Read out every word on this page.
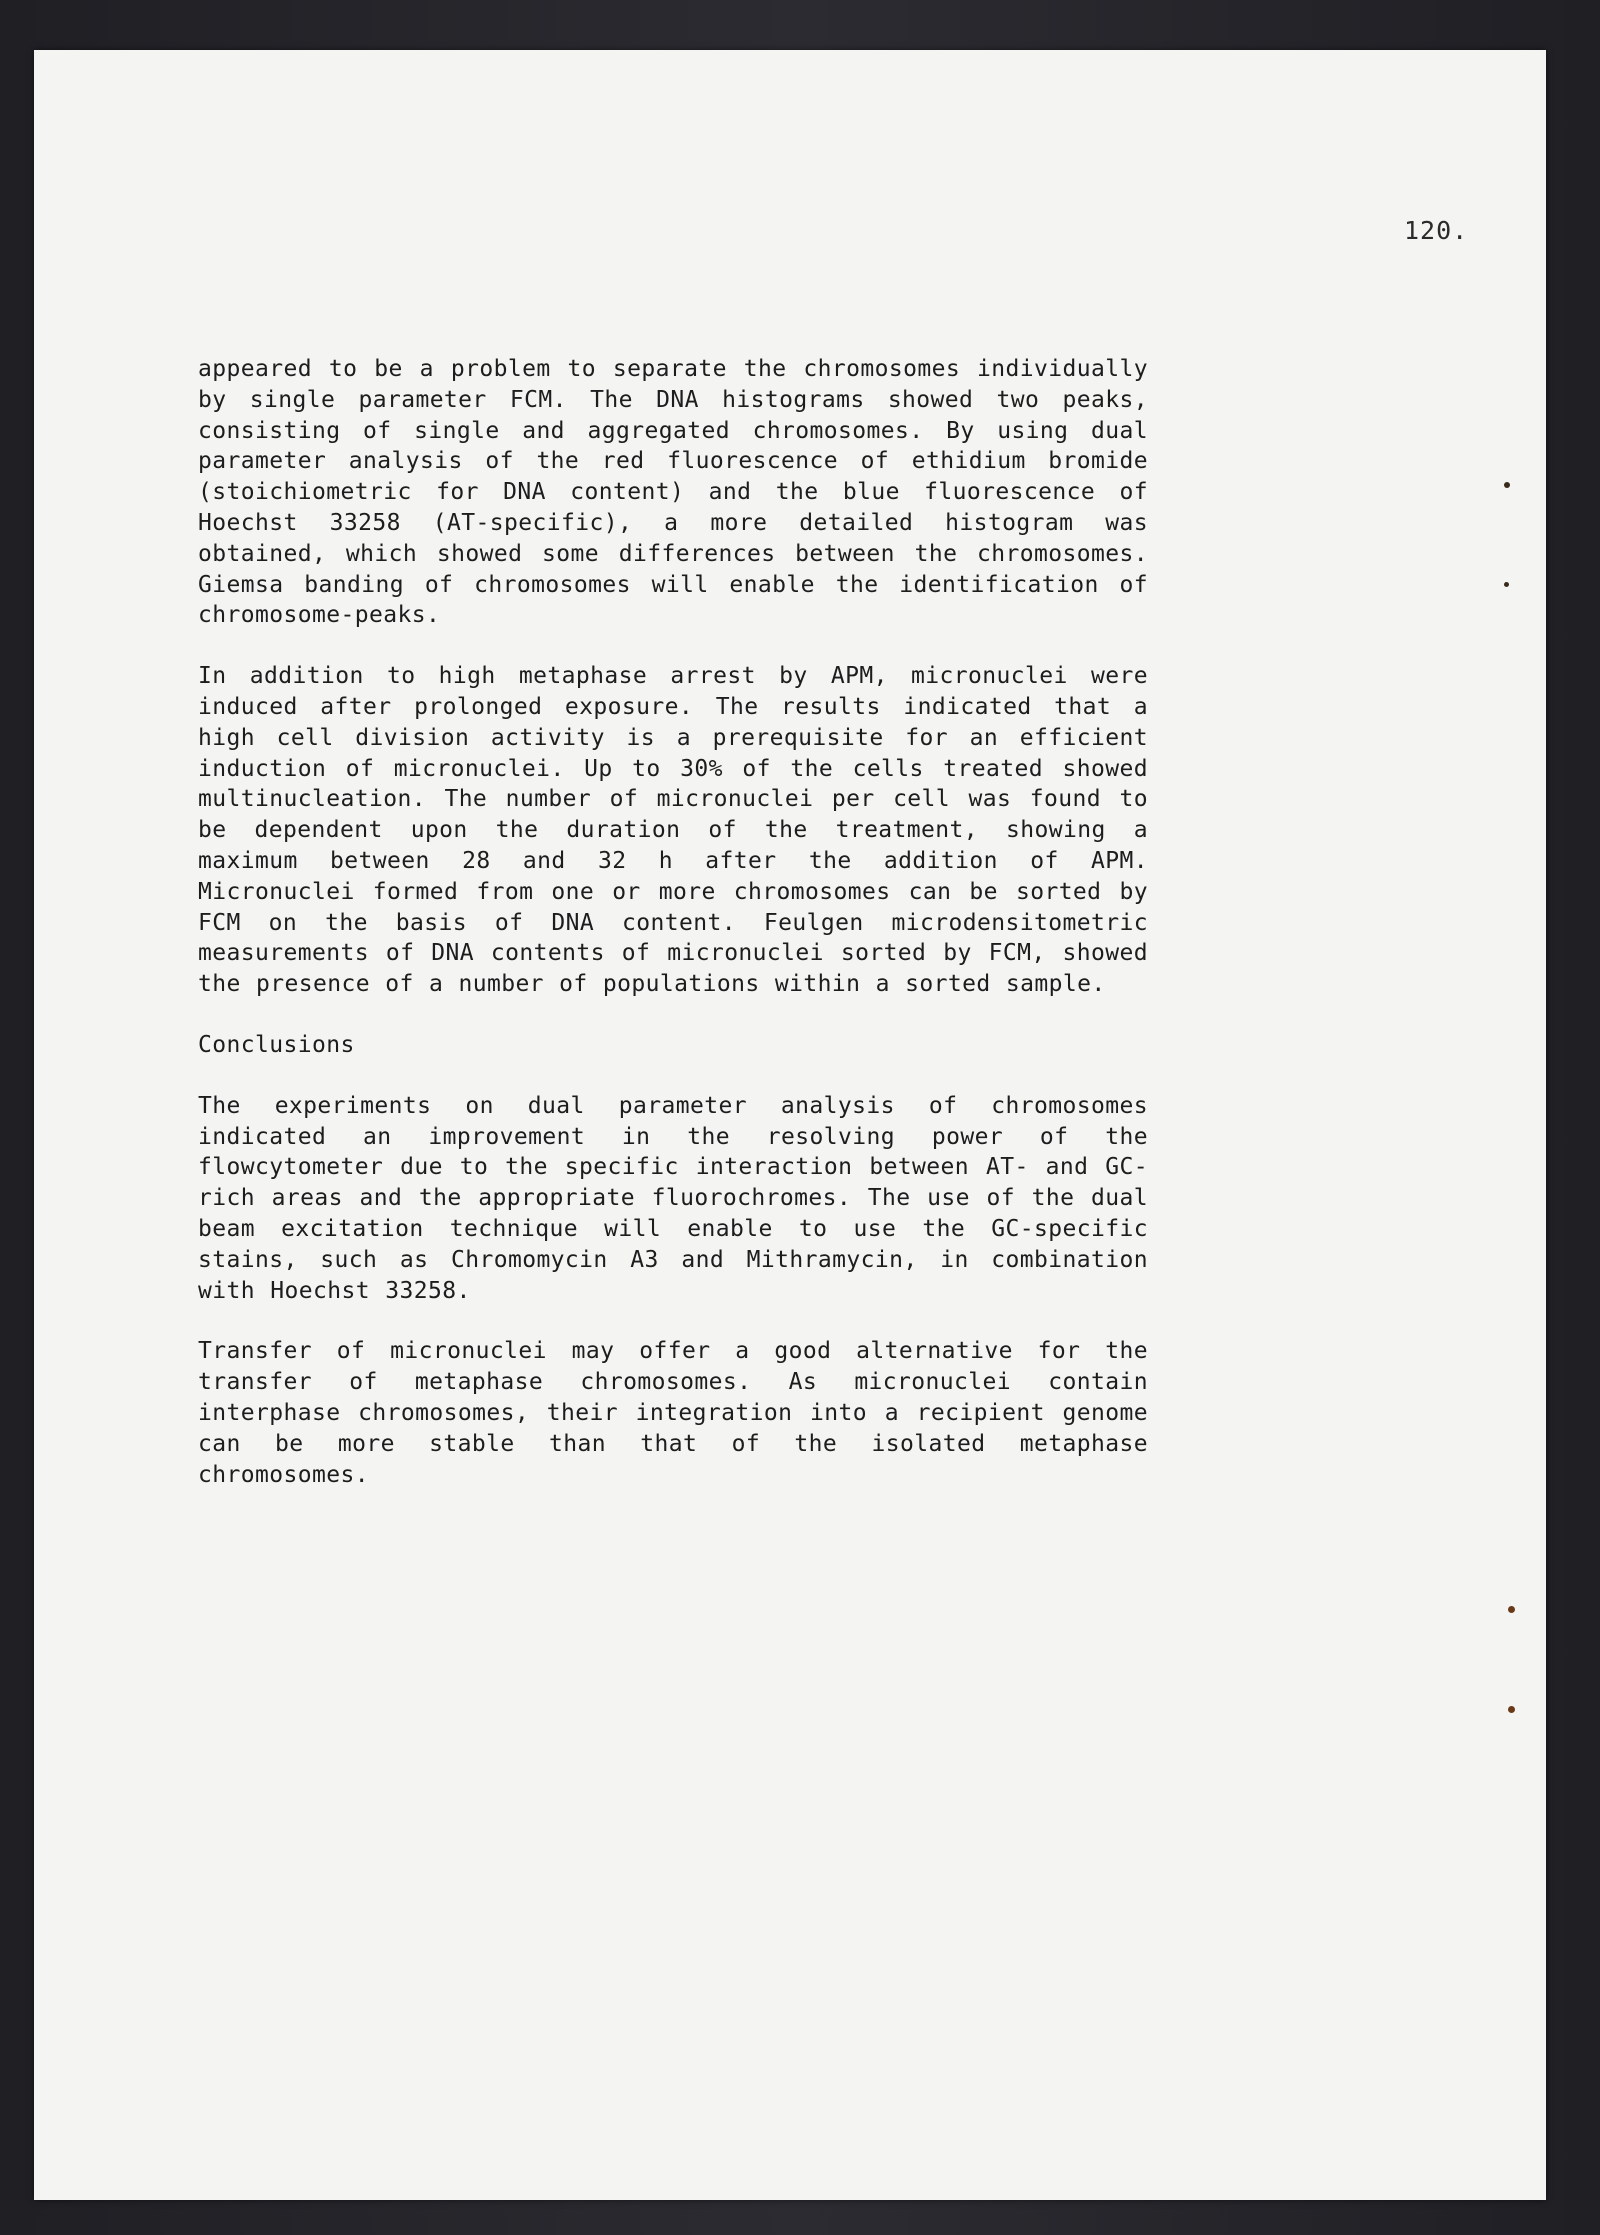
120.

appeared to be a problem to separate the chromosomes individually by single parameter FCM. The DNA histograms showed two peaks, consisting of single and aggregated chromosomes. By using dual parameter analysis of the red fluorescence of ethidium bromide (stoichiometric for DNA content) and the blue fluorescence of Hoechst 33258 (AT-specific), a more detailed histogram was obtained, which showed some differences between the chromosomes. Giemsa banding of chromosomes will enable the identification of chromosome-peaks.

In addition to high metaphase arrest by APM, micronuclei were induced after prolonged exposure. The results indicated that a high cell division activity is a prerequisite for an efficient induction of micronuclei. Up to 30% of the cells treated showed multinucleation. The number of micronuclei per cell was found to be dependent upon the duration of the treatment, showing a maximum between 28 and 32 h after the addition of APM. Micronuclei formed from one or more chromosomes can be sorted by FCM on the basis of DNA content. Feulgen microdensitometric measurements of DNA contents of micronuclei sorted by FCM, showed the presence of a number of populations within a sorted sample.

Conclusions

The experiments on dual parameter analysis of chromosomes indicated an improvement in the resolving power of the flowcytometer due to the specific interaction between AT- and GC-rich areas and the appropriate fluorochromes. The use of the dual beam excitation technique will enable to use the GC-specific stains, such as Chromomycin A3 and Mithramycin, in combination with Hoechst 33258.

Transfer of micronuclei may offer a good alternative for the transfer of metaphase chromosomes. As micronuclei contain interphase chromosomes, their integration into a recipient genome can be more stable than that of the isolated metaphase chromosomes.
